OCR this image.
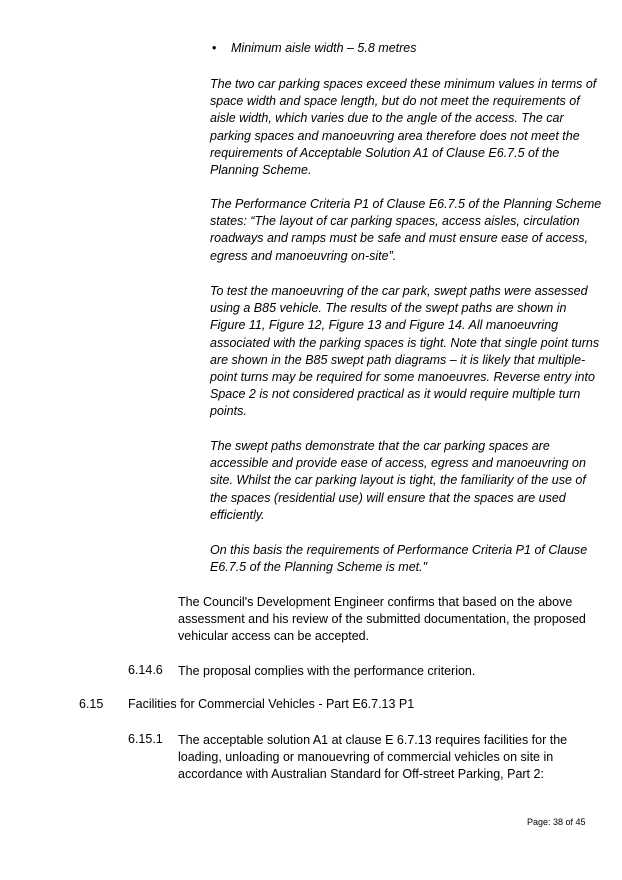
• Minimum aisle width – 5.8 metres

The two car parking spaces exceed these minimum values in terms of space width and space length, but do not meet the requirements of aisle width, which varies due to the angle of the access. The car parking spaces and manoeuvring area therefore does not meet the requirements of Acceptable Solution A1 of Clause E6.7.5 of the Planning Scheme.

The Performance Criteria P1 of Clause E6.7.5 of the Planning Scheme states: “The layout of car parking spaces, access aisles, circulation roadways and ramps must be safe and must ensure ease of access, egress and manoeuvring on-site”.

To test the manoeuvring of the car park, swept paths were assessed using a B85 vehicle. The results of the swept paths are shown in Figure 11, Figure 12, Figure 13 and Figure 14. All manoeuvring associated with the parking spaces is tight. Note that single point turns are shown in the B85 swept path diagrams – it is likely that multiple-point turns may be required for some manoeuvres. Reverse entry into Space 2 is not considered practical as it would require multiple turn points.

The swept paths demonstrate that the car parking spaces are accessible and provide ease of access, egress and manoeuvring on site. Whilst the car parking layout is tight, the familiarity of the use of the spaces (residential use) will ensure that the spaces are used efficiently.

On this basis the requirements of Performance Criteria P1 of Clause E6.7.5 of the Planning Scheme is met."

The Council's Development Engineer confirms that based on the above assessment and his review of the submitted documentation, the proposed vehicular access can be accepted.

6.14.6 The proposal complies with the performance criterion.
6.15 Facilities for Commercial Vehicles - Part E6.7.13 P1
6.15.1 The acceptable solution A1 at clause E 6.7.13 requires facilities for the loading, unloading or manouevring of commercial vehicles on site in accordance with Australian Standard for Off-street Parking, Part 2:

Page: 38 of 45
